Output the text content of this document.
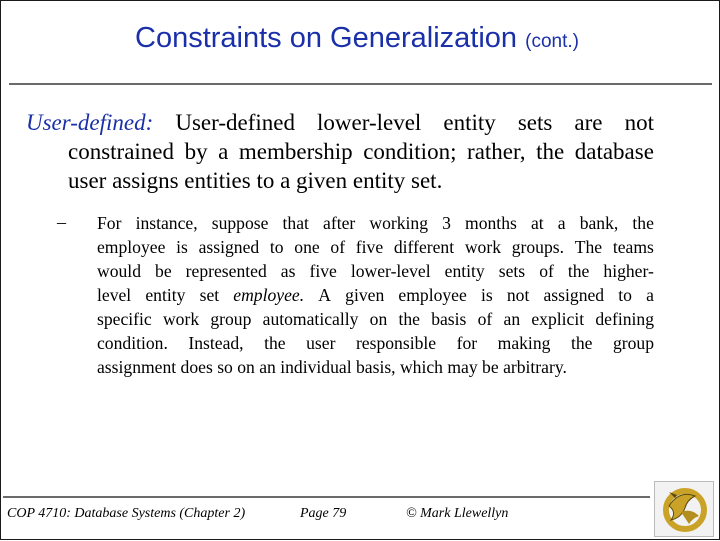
Constraints on Generalization (cont.)
User-defined: User-defined lower-level entity sets are not
constrained by a membership condition; rather, the database
user assigns entities to a given entity set.
– For instance, suppose that after working 3 months at a bank, the
employee is assigned to one of five different work groups. The teams
would be represented as five lower-level entity sets of the higher-
level entity set employee. A given employee is not assigned to a
specific work group automatically on the basis of an explicit defining
condition. Instead, the user responsible for making the group
assignment does so on an individual basis, which may be arbitrary.
COP 4710: Database Systems (Chapter 2)	Page 79	© Mark Llewellyn
